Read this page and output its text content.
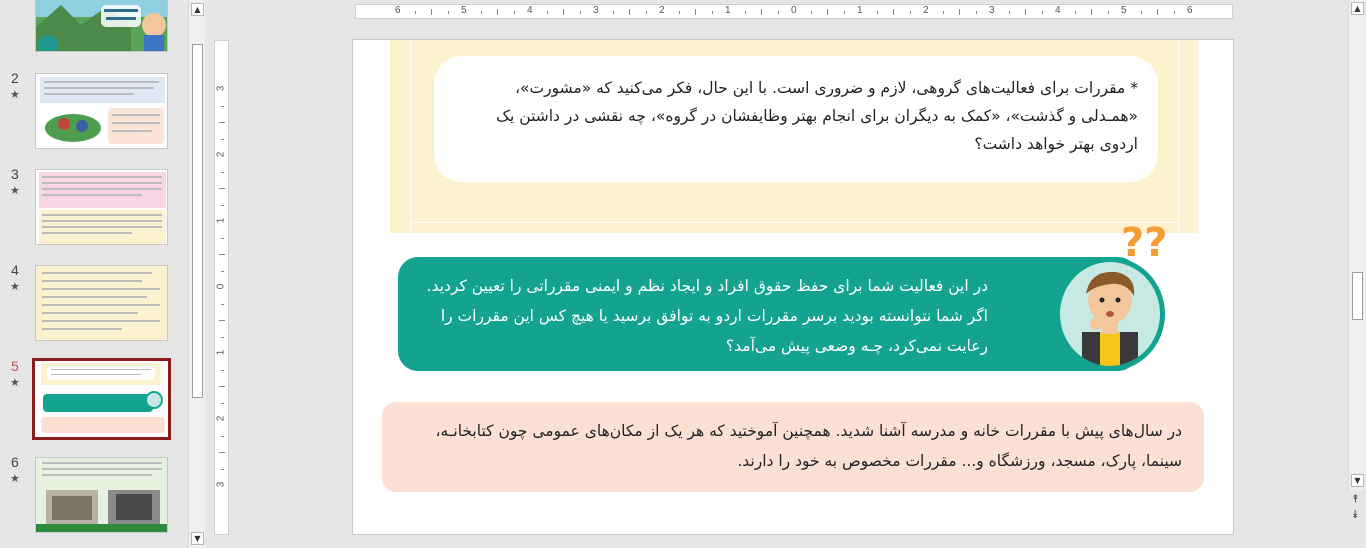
2
★
3
★
4
★
5
★
6
★
▲
▼
6	5	4	3	2	1	0	1	2	3	4	5	6
3
2
1
0
1
2
3
* مقررات برای فعالیت‌های گروهی، لازم و ضروری است. با این حال، فکر می‌کنید که «مشورت»، «همـدلی و گذشت»، «کمک به دیگران برای انجام بهتر وظایفشان در گروه»، چه نقشی در داشتن یک اردوی بهتر خواهد داشت؟
در این فعالیت شما برای حفظ حقوق افراد و ایجاد نظم و ایمنی مقرراتی را تعیین کردید. اگر شما نتوانسته بودید برسر مقررات اردو به توافق برسید یا هیچ کس این مقررات را رعایت نمی‌کرد، چـه وضعی پیش می‌آمد؟
??
در سال‌های پیش با مقررات خانه و مدرسه آشنا شدید. همچنین آموختید که هر یک از مکان‌های عمومی چون کتابخانـه، سینما، پارک، مسجد، ورزشگاه و... مقررات مخصوص به خود را دارند.
▲
▼
⯭
⯯
